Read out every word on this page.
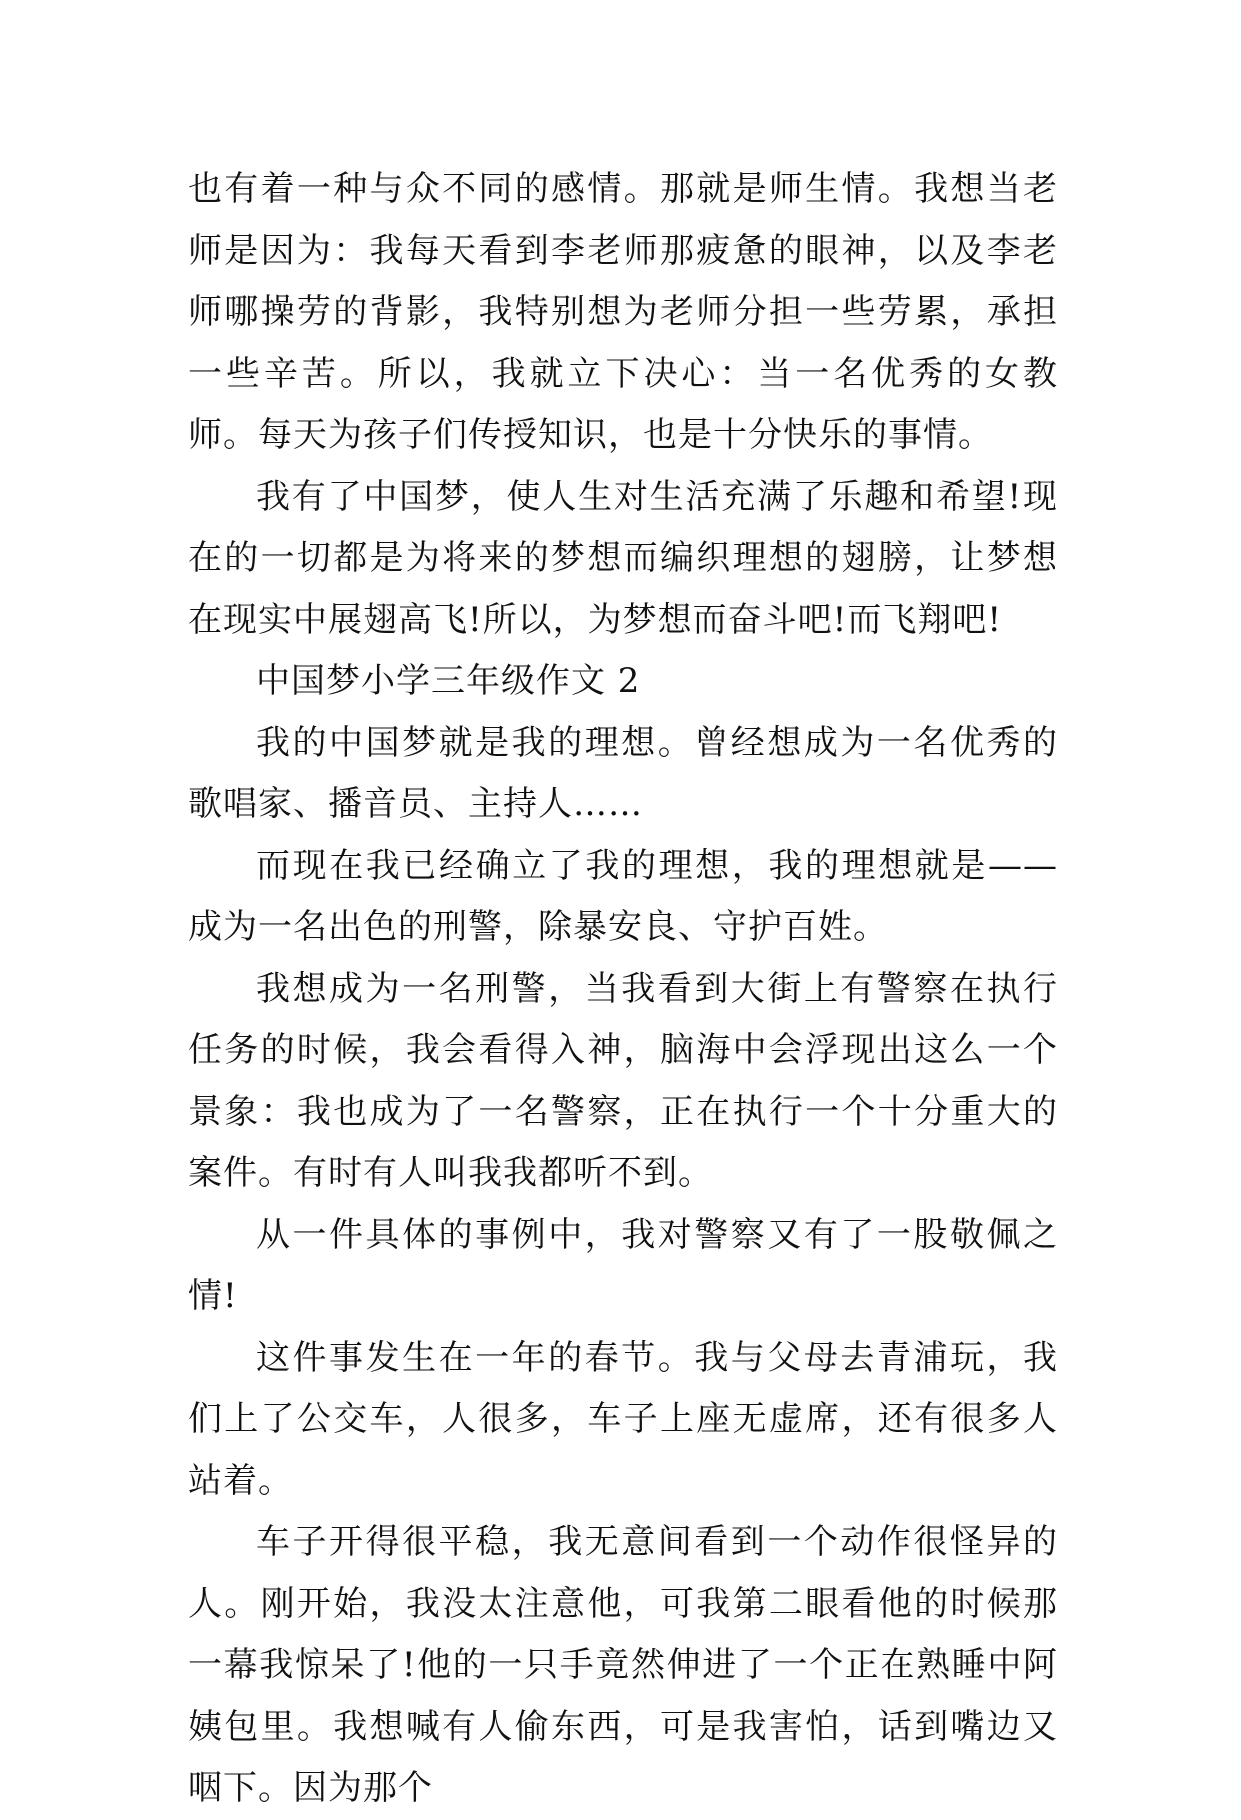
也有着一种与众不同的感情。那就是师生情。我想当老师是因为：我每天看到李老师那疲惫的眼神，以及李老师哪操劳的背影，我特别想为老师分担一些劳累，承担一些辛苦。所以，我就立下决心：当一名优秀的女教师。每天为孩子们传授知识，也是十分快乐的事情。

我有了中国梦，使人生对生活充满了乐趣和希望!现在的一切都是为将来的梦想而编织理想的翅膀，让梦想在现实中展翅高飞!所以，为梦想而奋斗吧!而飞翔吧!

中国梦小学三年级作文 2

我的中国梦就是我的理想。曾经想成为一名优秀的歌唱家、播音员、主持人……

而现在我已经确立了我的理想，我的理想就是——成为一名出色的刑警，除暴安良、守护百姓。

我想成为一名刑警，当我看到大街上有警察在执行任务的时候，我会看得入神，脑海中会浮现出这么一个景象：我也成为了一名警察，正在执行一个十分重大的案件。有时有人叫我我都听不到。

从一件具体的事例中，我对警察又有了一股敬佩之情!

这件事发生在一年的春节。我与父母去青浦玩，我们上了公交车，人很多，车子上座无虚席，还有很多人站着。

车子开得很平稳，我无意间看到一个动作很怪异的人。刚开始，我没太注意他，可我第二眼看他的时候那一幕我惊呆了!他的一只手竟然伸进了一个正在熟睡中阿姨包里。我想喊有人偷东西，可是我害怕，话到嘴边又咽下。因为那个
